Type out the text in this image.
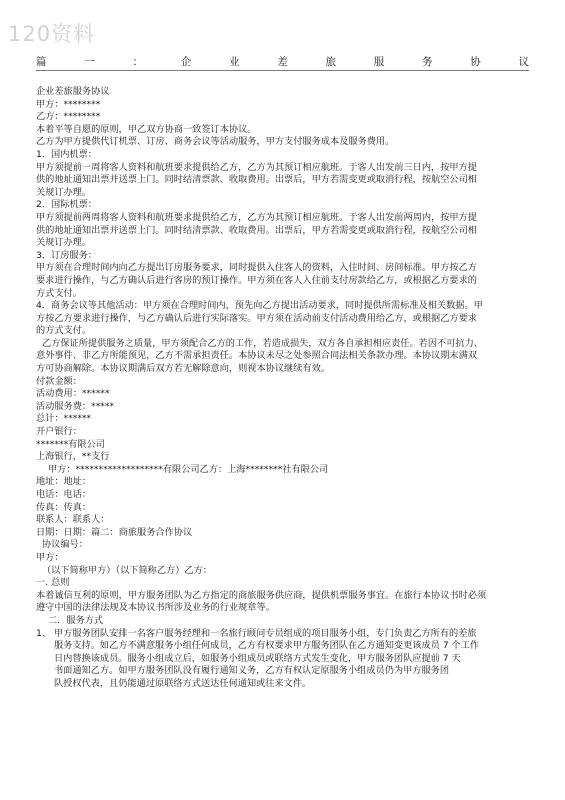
120资料
篇	一	：	企	业	差	旅	服	务	协	议

企业差旅服务协议

甲方：********

乙方：********

本着平等自愿的原则，甲乙双方协商一致签订本协议。

乙方为甲方提供代订机票、订房、商务会议等活动服务，甲方支付服务成本及服务费用。

1．国内机票：

甲方须提前一周将客人资料和航班要求提供给乙方，乙方为其预订相应航班。于客人出发前三日内，按甲方提

供的地址通知出票并送票上门。同时结清票款、收取费用。出票后，甲方若需变更或取消行程，按航空公司相

关规订办理。

2．国际机票：

甲方须提前两周将客人资料和航班要求提供给乙方，乙方为其预订相应航班。于客人出发前两周内，按甲方提

供的地址通知出票并送票上门。同时结清票款、收取费用。出票后，甲方若需变更或取消行程，按航空公司相

关规订办理。

3．订房服务：

甲方须在合理时间内向乙方提出订房服务要求，同时提供入住客人的资料，入住时间、房间标准。甲方按乙方

要求进行操作，与乙方确认后进行客房的预订操作。甲方须在客人入住前支付房款给乙方，或根据乙方要求的

方式支付。

4．商务会议等其他活动：甲方须在合理时间内，预先向乙方提出活动要求，同时提供所需标准及相关数据。甲

方按乙方要求进行操作，与乙方确认后进行实际落实。甲方须在活动前支付活动费用给乙方，或根据乙方要求

的方式支付。

乙方保证所提供服务之质量，甲方须配合乙方的工作，若造成损失，双方各自承担相应责任。若因不可抗力、

意外事件、非乙方所能预见，乙方不需承担责任。本协议未尽之处参照合同法相关条款办理。本协议期末满双

方可协商解除。本协议期满后双方若无解除意向，则视本协议继续有效。

付款金额：

活动费用：******

活动服务费：*****

总计：******

开户银行：

*******有限公司

上海银行，**支行

甲方：*******************有限公司乙方：上海********社有限公司

地址：地址：

电话：电话：

传真：传真：

联系人：联系人：

日期：日期：篇二：商旅服务合作协议

协议编号：

甲方：

（以下简称甲方）（以下简称乙方）乙方：

一. 总则

本着诚信互利的原则，甲方服务团队为乙方指定的商旅服务供应商，提供机票服务事宜。在旅行本协议书时必须

遵守中国的法律法规及本协议书所涉及业务的行业规章等。

二．服务方式

1、 甲方服务团队安排一名客户服务经理和一名旅行顾问专员组成的项目服务小组，专门负责乙方所有的差旅

服务支持。如乙方不满意服务小组任何成员，乙方有权要求甲方服务团队在乙方通知变更该成员 7 个工作

日内替换该成员。服务小组成立后，如服务小组成员或联络方式发生变化，甲方服务团队应提前 7 天

书面通知乙方。如甲方服务团队没有履行通知义务，乙方有权认定原服务小组成员仍为甲方服务团

队授权代表，且仍能通过原联络方式送达任何通知或往来文件。
